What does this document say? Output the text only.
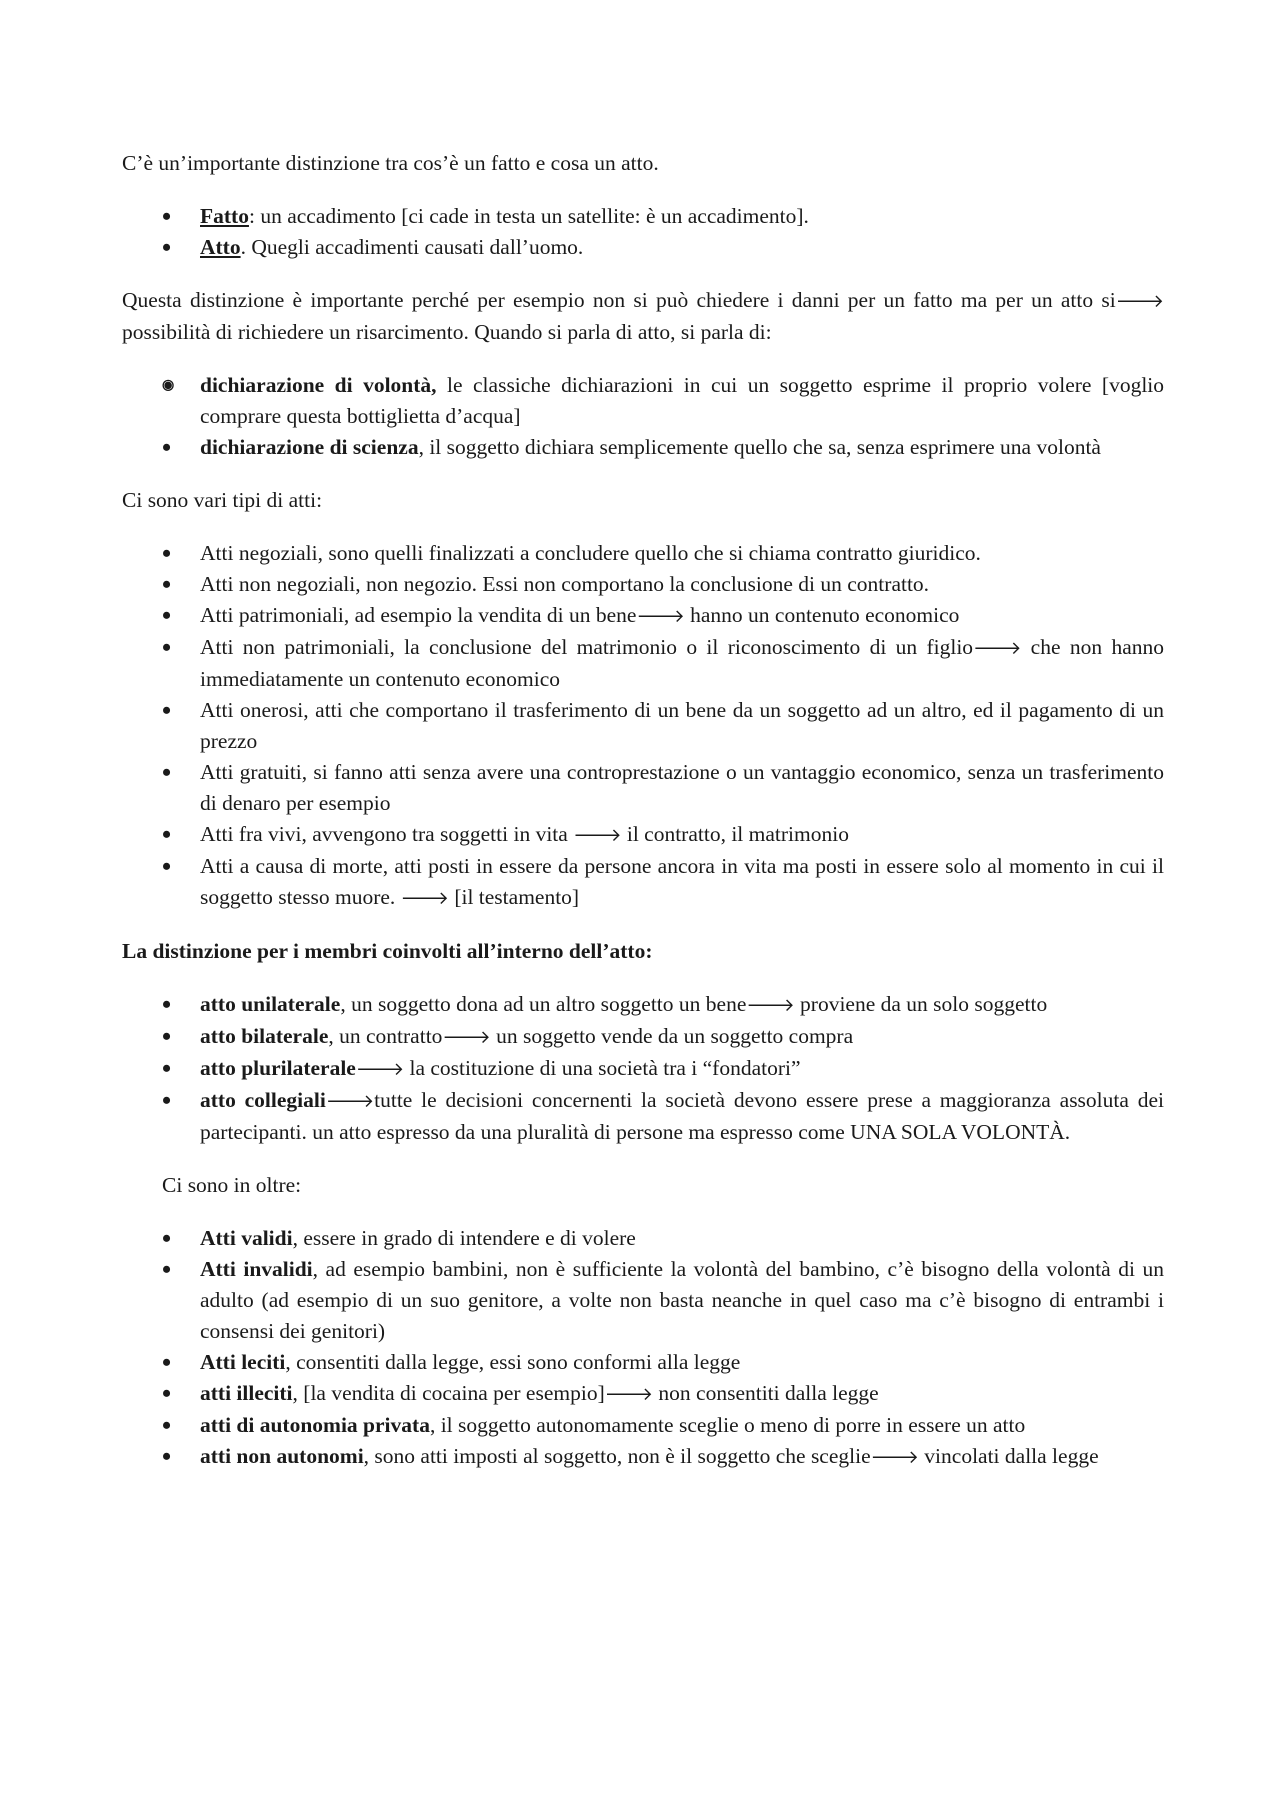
C’è un’importante distinzione tra cos’è un fatto e cosa un atto.

•
Fatto: un accadimento [ci cade in testa un satellite: è un accadimento].
•
Atto. Quegli accadimenti causati dall’uomo.

Questa distinzione è importante perché per esempio non si può chiedere i danni per un fatto ma per un atto si🡒 possibilità di richiedere un risarcimento. Quando si parla di atto, si parla di:

◉
dichiarazione di volontà, le classiche dichiarazioni in cui un soggetto esprime il proprio volere [voglio comprare questa bottiglietta d’acqua]
•
dichiarazione di scienza, il soggetto dichiara semplicemente quello che sa, senza esprimere una volontà

Ci sono vari tipi di atti:

•
Atti negoziali, sono quelli finalizzati a concludere quello che si chiama contratto giuridico.
•
Atti non negoziali, non negozio. Essi non comportano la conclusione di un contratto.
•
Atti patrimoniali, ad esempio la vendita di un bene🡒 hanno un contenuto economico
•
Atti non patrimoniali, la conclusione del matrimonio o il riconoscimento di un figlio🡒 che non hanno immediatamente un contenuto economico
•
Atti onerosi, atti che comportano il trasferimento di un bene da un soggetto ad un altro, ed il pagamento di un prezzo
•
Atti gratuiti, si fanno atti senza avere una controprestazione o un vantaggio economico, senza un trasferimento di denaro per esempio
•
Atti fra vivi, avvengono tra soggetti in vita 🡒 il contratto, il matrimonio
•
Atti a causa di morte, atti posti in essere da persone ancora in vita ma posti in essere solo al momento in cui il soggetto stesso muore. 🡒 [il testamento]

La distinzione per i membri coinvolti all’interno dell’atto:

•
atto unilaterale, un soggetto dona ad un altro soggetto un bene🡒 proviene da un solo soggetto
•
atto bilaterale, un contratto🡒 un soggetto vende da un soggetto compra
•
atto plurilaterale🡒 la costituzione di una società tra i “fondatori”
•
atto collegiali🡒tutte le decisioni concernenti la società devono essere prese a maggioranza assoluta dei partecipanti. un atto espresso da una pluralità di persone ma espresso come UNA SOLA VOLONTÀ.

Ci sono in oltre:

•
Atti validi, essere in grado di intendere e di volere
•
Atti invalidi, ad esempio bambini, non è sufficiente la volontà del bambino, c’è bisogno della volontà di un adulto (ad esempio di un suo genitore, a volte non basta neanche in quel caso ma c’è bisogno di entrambi i consensi dei genitori)
•
Atti leciti, consentiti dalla legge, essi sono conformi alla legge
•
atti illeciti, [la vendita di cocaina per esempio]🡒 non consentiti dalla legge
•
atti di autonomia privata, il soggetto autonomamente sceglie o meno di porre in essere un atto
•
atti non autonomi, sono atti imposti al soggetto, non è il soggetto che sceglie🡒 vincolati dalla legge
